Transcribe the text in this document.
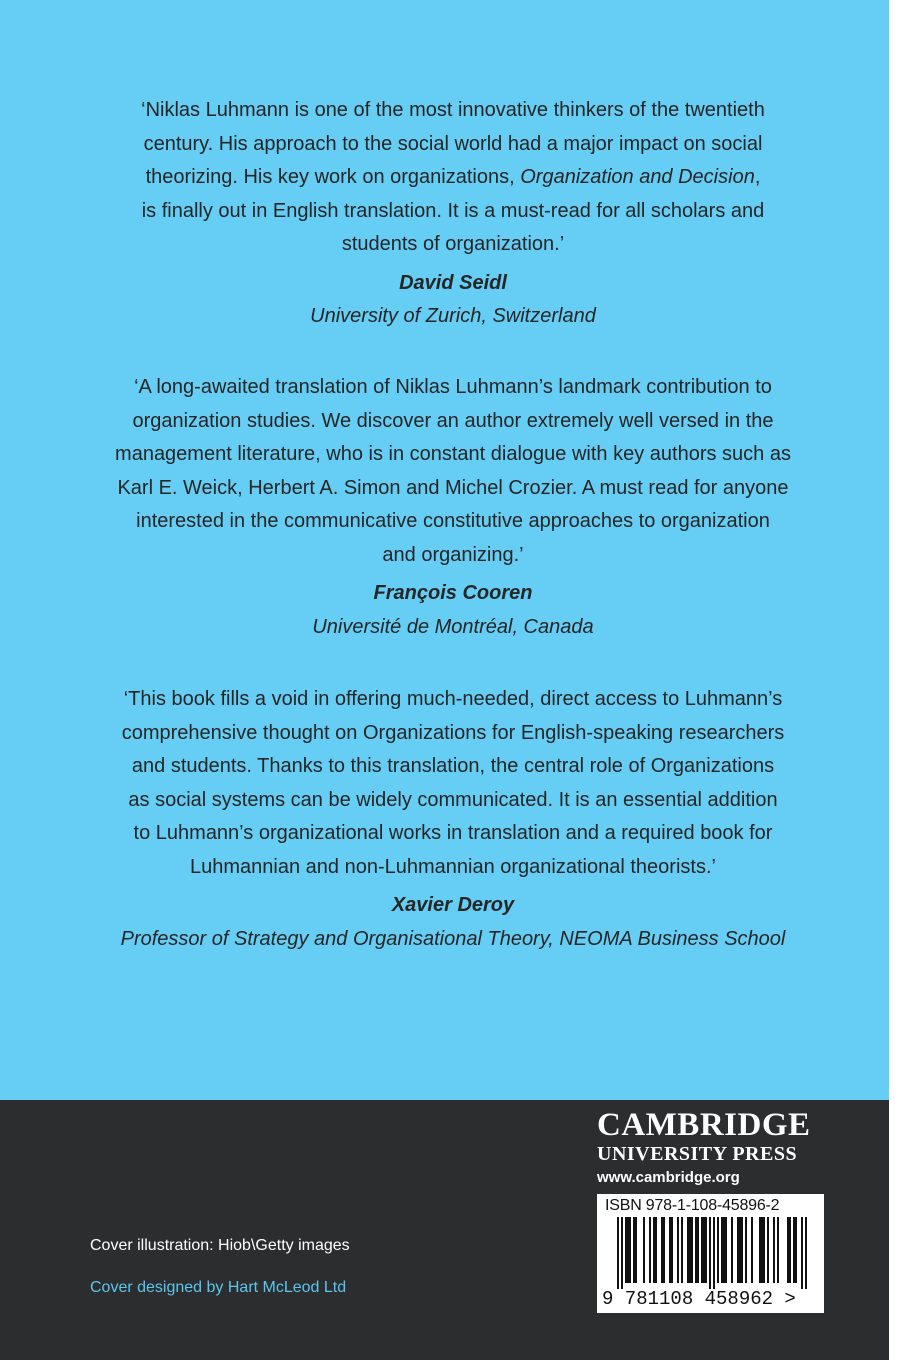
‘Niklas Luhmann is one of the most innovative thinkers of the twentieth

century. His approach to the social world had a major impact on social

theorizing. His key work on organizations, Organization and Decision,

is finally out in English translation. It is a must-read for all scholars and

students of organization.’

David Seidl

University of Zurich, Switzerland

‘A long-awaited translation of Niklas Luhmann’s landmark contribution to

organization studies. We discover an author extremely well versed in the

management literature, who is in constant dialogue with key authors such as

Karl E. Weick, Herbert A. Simon and Michel Crozier. A must read for anyone

interested in the communicative constitutive approaches to organization

and organizing.’

François Cooren

Université de Montréal, Canada

‘This book fills a void in offering much-needed, direct access to Luhmann’s

comprehensive thought on Organizations for English-speaking researchers

and students. Thanks to this translation, the central role of Organizations

as social systems can be widely communicated. It is an essential addition

to Luhmann’s organizational works in translation and a required book for

Luhmannian and non-Luhmannian organizational theorists.’

Xavier Deroy

Professor of Strategy and Organisational Theory, NEOMA Business School

Cover illustration: Hiob\Getty images
Cover designed by Hart McLeod Ltd
CAMBRIDGE
UNIVERSITY PRESS
www.cambridge.org
ISBN 978-1-108-45896-2
9 781108 458962 >
